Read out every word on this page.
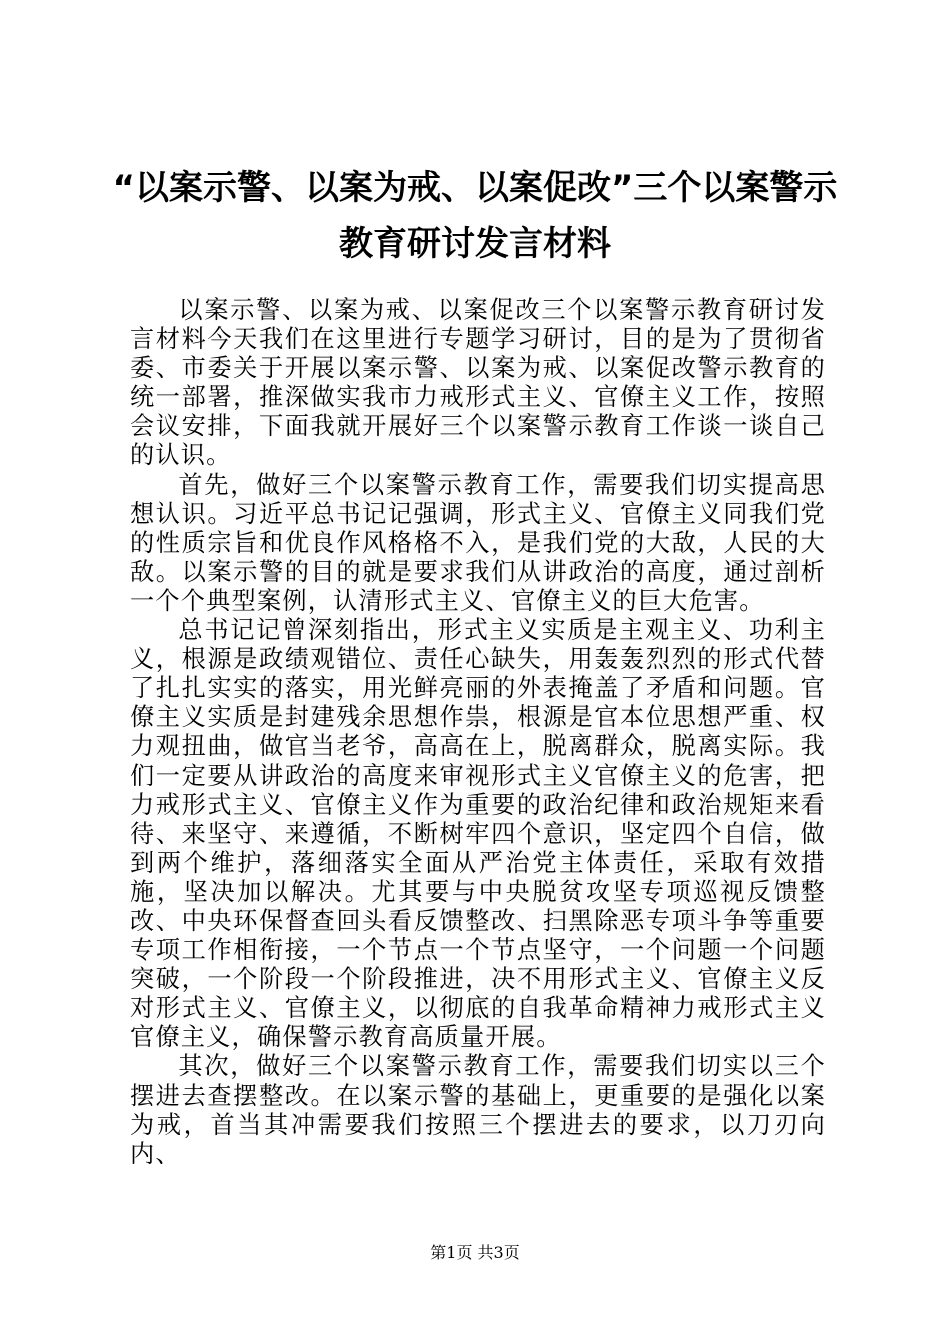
“以案示警、以案为戒、以案促改”三个以案警示教育研讨发言材料

以案示警、以案为戒、以案促改三个以案警示教育研讨发言材料今天我们在这里进行专题学习研讨，目的是为了贯彻省委、市委关于开展以案示警、以案为戒、以案促改警示教育的统一部署，推深做实我市力戒形式主义、官僚主义工作，按照会议安排，下面我就开展好三个以案警示教育工作谈一谈自己的认识。

首先，做好三个以案警示教育工作，需要我们切实提高思想认识。习近平总书记记强调，形式主义、官僚主义同我们党的性质宗旨和优良作风格格不入，是我们党的大敌，人民的大敌。以案示警的目的就是要求我们从讲政治的高度，通过剖析一个个典型案例，认清形式主义、官僚主义的巨大危害。

总书记记曾深刻指出，形式主义实质是主观主义、功利主义，根源是政绩观错位、责任心缺失，用轰轰烈烈的形式代替了扎扎实实的落实，用光鲜亮丽的外表掩盖了矛盾和问题。官僚主义实质是封建残余思想作祟，根源是官本位思想严重、权力观扭曲，做官当老爷，高高在上，脱离群众，脱离实际。我们一定要从讲政治的高度来审视形式主义官僚主义的危害，把力戒形式主义、官僚主义作为重要的政治纪律和政治规矩来看待、来坚守、来遵循，不断树牢四个意识，坚定四个自信，做到两个维护，落细落实全面从严治党主体责任，采取有效措施，坚决加以解决。尤其要与中央脱贫攻坚专项巡视反馈整改、中央环保督查回头看反馈整改、扫黑除恶专项斗争等重要专项工作相衔接，一个节点一个节点坚守，一个问题一个问题突破，一个阶段一个阶段推进，决不用形式主义、官僚主义反对形式主义、官僚主义，以彻底的自我革命精神力戒形式主义官僚主义，确保警示教育高质量开展。

其次，做好三个以案警示教育工作，需要我们切实以三个摆进去查摆整改。在以案示警的基础上，更重要的是强化以案为戒，首当其冲需要我们按照三个摆进去的要求，以刀刃向内、

第1页 共3页
